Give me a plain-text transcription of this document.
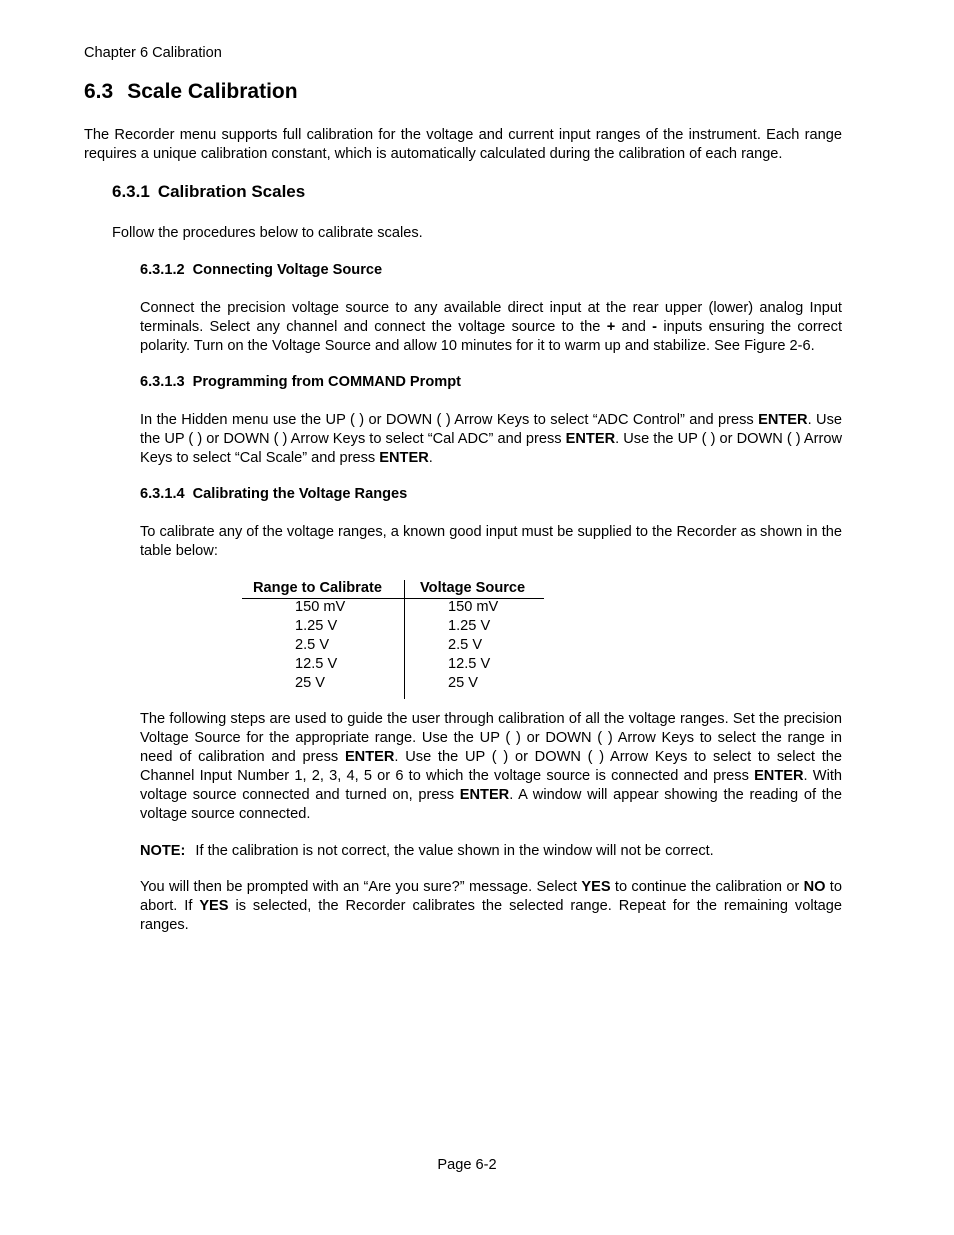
Chapter 6 Calibration
6.3 Scale Calibration
The Recorder menu supports full calibration for the voltage and current input ranges of the instrument. Each range requires a unique calibration constant, which is automatically calculated during the calibration of each range.
6.3.1 Calibration Scales
Follow the procedures below to calibrate scales.
6.3.1.2 Connecting Voltage Source
Connect the precision voltage source to any available direct input at the rear upper (lower) analog Input terminals. Select any channel and connect the voltage source to the + and - inputs ensuring the correct polarity. Turn on the Voltage Source and allow 10 minutes for it to warm up and stabilize. See Figure 2-6.
6.3.1.3 Programming from COMMAND Prompt
In the Hidden menu use the UP ( ) or DOWN ( ) Arrow Keys to select “ADC Control” and press ENTER. Use the UP ( ) or DOWN ( ) Arrow Keys to select “Cal ADC” and press ENTER. Use the UP ( ) or DOWN ( ) Arrow Keys to select “Cal Scale” and press ENTER.
6.3.1.4 Calibrating the Voltage Ranges
To calibrate any of the voltage ranges, a known good input must be supplied to the Recorder as shown in the table below:
Range to Calibrate	Voltage Source
150 mV
1.25 V
2.5 V
12.5 V
25 V
150 mV
1.25 V
2.5 V
12.5 V
25 V
The following steps are used to guide the user through calibration of all the voltage ranges. Set the precision Voltage Source for the appropriate range. Use the UP ( ) or DOWN ( ) Arrow Keys to select the range in need of calibration and press ENTER. Use the UP ( ) or DOWN ( ) Arrow Keys to select to select the Channel Input Number 1, 2, 3, 4, 5 or 6 to which the voltage source is connected and press ENTER. With voltage source connected and turned on, press ENTER. A window will appear showing the reading of the voltage source connected.
NOTE: If the calibration is not correct, the value shown in the window will not be correct.
You will then be prompted with an “Are you sure?” message. Select YES to continue the calibration or NO to abort. If YES is selected, the Recorder calibrates the selected range. Repeat for the remaining voltage ranges.
Page 6-2
